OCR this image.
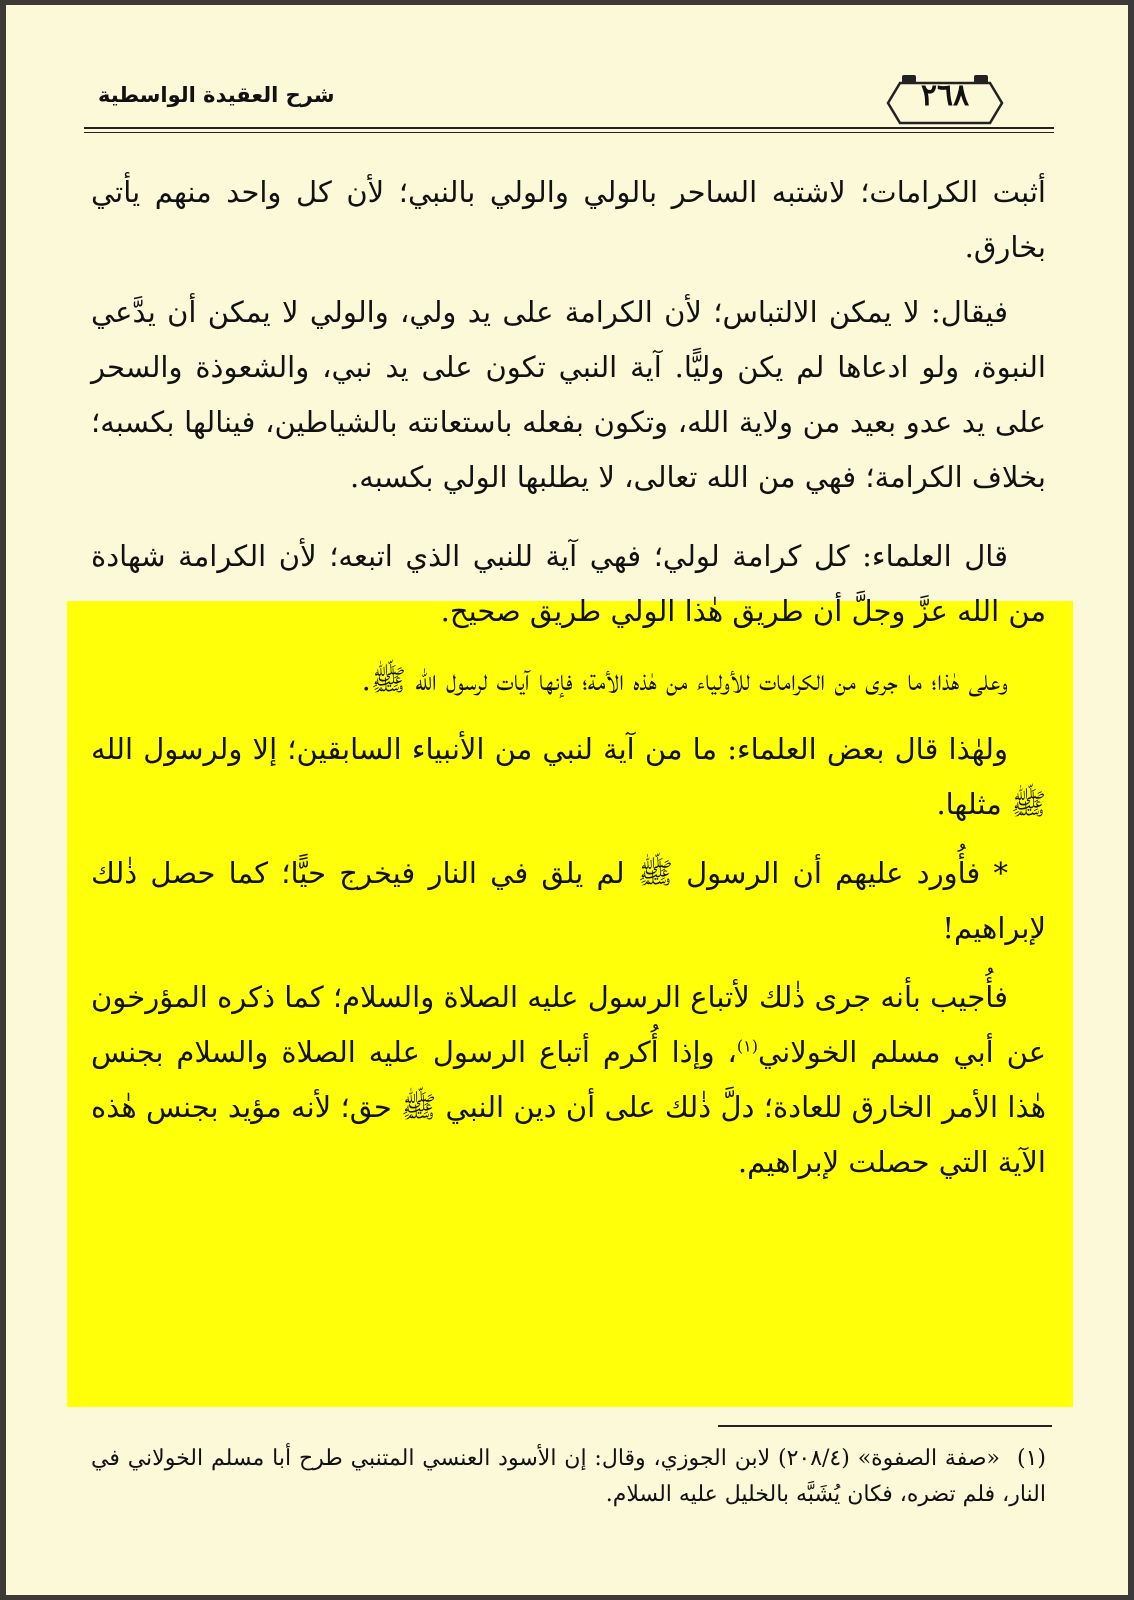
شرح العقيدة الواسطية	٢٦٨

أثبت الكرامات؛ لاشتبه الساحر بالولي والولي بالنبي؛ لأن كل واحد منهم يأتي بخارق.

فيقال: لا يمكن الالتباس؛ لأن الكرامة على يد ولي، والولي لا يمكن أن يدَّعي النبوة، ولو ادعاها لم يكن وليًّا. آية النبي تكون على يد نبي، والشعوذة والسحر على يد عدو بعيد من ولاية الله، وتكون بفعله باستعانته بالشياطين، فينالها بكسبه؛ بخلاف الكرامة؛ فهي من الله تعالى، لا يطلبها الولي بكسبه.

قال العلماء: كل كرامة لولي؛ فهي آية للنبي الذي اتبعه؛ لأن الكرامة شهادة من الله عزَّ وجلَّ أن طريق هٰذا الولي طريق صحيح.

وعلى هٰذا؛ ما جرى من الكرامات للأولياء من هٰذه الأمة؛ فإنها آيات لرسول الله ﷺ.

ولهٰذا قال بعض العلماء: ما من آية لنبي من الأنبياء السابقين؛ إلا ولرسول الله ﷺ مثلها.

* فأُورد عليهم أن الرسول ﷺ لم يلق في النار فيخرج حيًّا؛ كما حصل ذٰلك لإبراهيم!

فأُجيب بأنه جرى ذٰلك لأتباع الرسول عليه الصلاة والسلام؛ كما ذكره المؤرخون عن أبي مسلم الخولاني$^{(١)}$، وإذا أُكرم أتباع الرسول عليه الصلاة والسلام بجنس هٰذا الأمر الخارق للعادة؛ دلَّ ذٰلك على أن دين النبي ﷺ حق؛ لأنه مؤيد بجنس هٰذه الآية التي حصلت لإبراهيم.

(١)«صفة الصفوة» (٢٠٨/٤) لابن الجوزي، وقال: إن الأسود العنسي المتنبي طرح أبا مسلم الخولاني في النار، فلم تضره، فكان يُشَبَّه بالخليل عليه السلام.
